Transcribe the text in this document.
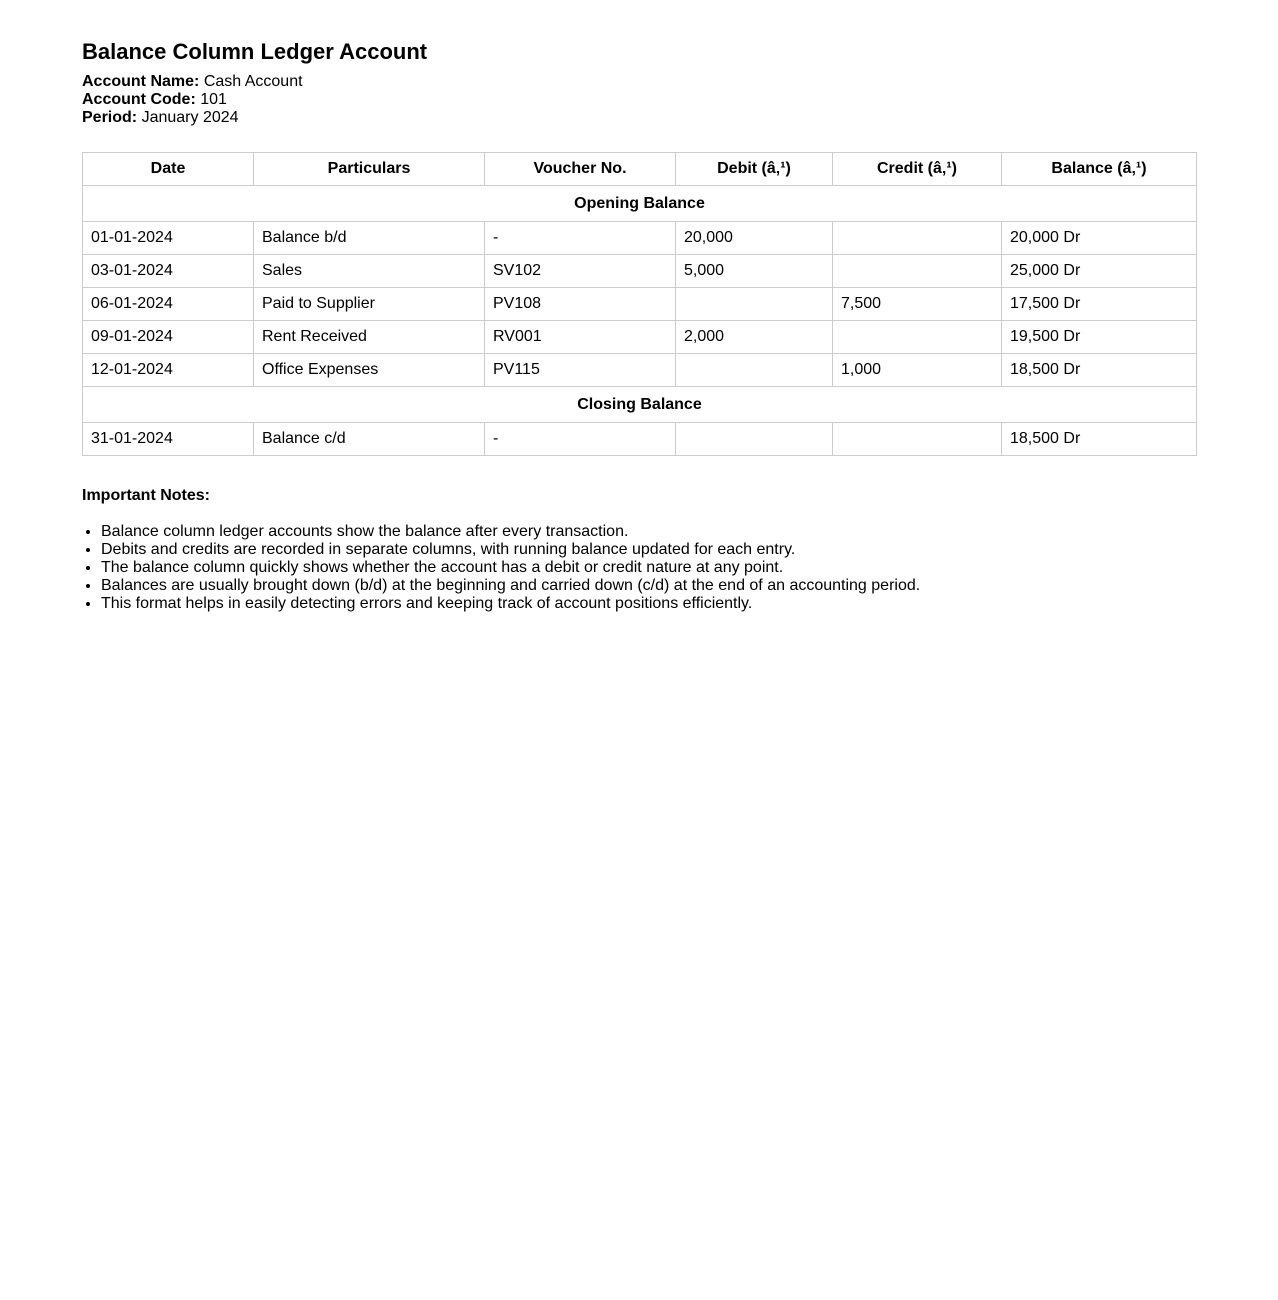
Balance Column Ledger Account
Account Name: Cash Account
Account Code: 101
Period: January 2024
Date	Particulars	Voucher No.	Debit (â‚¹)	Credit (â‚¹)	Balance (â‚¹)
Opening Balance					
01-01-2024	Balance b/d	-	20,000		20,000 Dr
03-01-2024	Sales	SV102	5,000		25,000 Dr
06-01-2024	Paid to Supplier	PV108		7,500	17,500 Dr
09-01-2024	Rent Received	RV001	2,000		19,500 Dr
12-01-2024	Office Expenses	PV115		1,000	18,500 Dr
Closing Balance					
31-01-2024	Balance c/d	-			18,500 Dr
Important Notes:
• Balance column ledger accounts show the balance after every transaction.
• Debits and credits are recorded in separate columns, with running balance updated for each entry.
• The balance column quickly shows whether the account has a debit or credit nature at any point.
• Balances are usually brought down (b/d) at the beginning and carried down (c/d) at the end of an accounting period.
• This format helps in easily detecting errors and keeping track of account positions efficiently.
